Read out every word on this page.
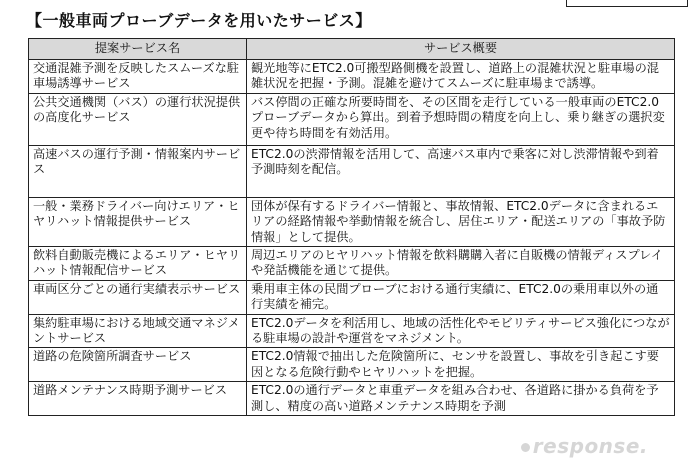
【一般車両プローブデータを用いたサービス】
提案サービス名	サービス概要
交通混雑予測を反映したスムーズな駐車場誘導サービス	観光地等にETC2.0可搬型路側機を設置し、道路上の混雑状況と駐車場の混雑状況を把握・予測。混雑を避けてスムーズに駐車場まで誘導。
公共交通機関（バス）の運行状況提供の高度化サービス	バス停間の正確な所要時間を、その区間を走行している一般車両のETC2.0プローブデータから算出。到着予想時間の精度を向上し、乗り継ぎの選択変更や待ち時間を有効活用。
高速バスの運行予測・情報案内サービス	ETC2.0の渋滞情報を活用して、高速バス車内で乗客に対し渋滞情報や到着予測時刻を配信。
一般・業務ドライバー向けエリア・ヒヤリハット情報提供サービス	団体が保有するドライバー情報と、事故情報、ETC2.0データに含まれるエリアの経路情報や挙動情報を統合し、居住エリア・配送エリアの「事故予防情報」として提供。
飲料自動販売機によるエリア・ヒヤリハット情報配信サービス	周辺エリアのヒヤリハット情報を飲料購購入者に自販機の情報ディスプレイや発話機能を通じて提供。
車両区分ごとの通行実績表示サービス	乗用車主体の民間プローブにおける通行実績に、ETC2.0の乗用車以外の通行実績を補完。
集約駐車場における地域交通マネジメントサービス	ETC2.0データを利活用し、地域の活性化やモビリティサービス強化につながる駐車場の設計や運営をマネジメント。
道路の危険箇所調査サービス	ETC2.0情報で抽出した危険箇所に、センサを設置し、事故を引き起こす要因となる危険行動やヒヤリハットを把握。
道路メンテナンス時期予測サービス	ETC2.0の通行データと車重データを組み合わせ、各道路に掛かる負荷を予測し、精度の高い道路メンテナンス時期を予測
response.
